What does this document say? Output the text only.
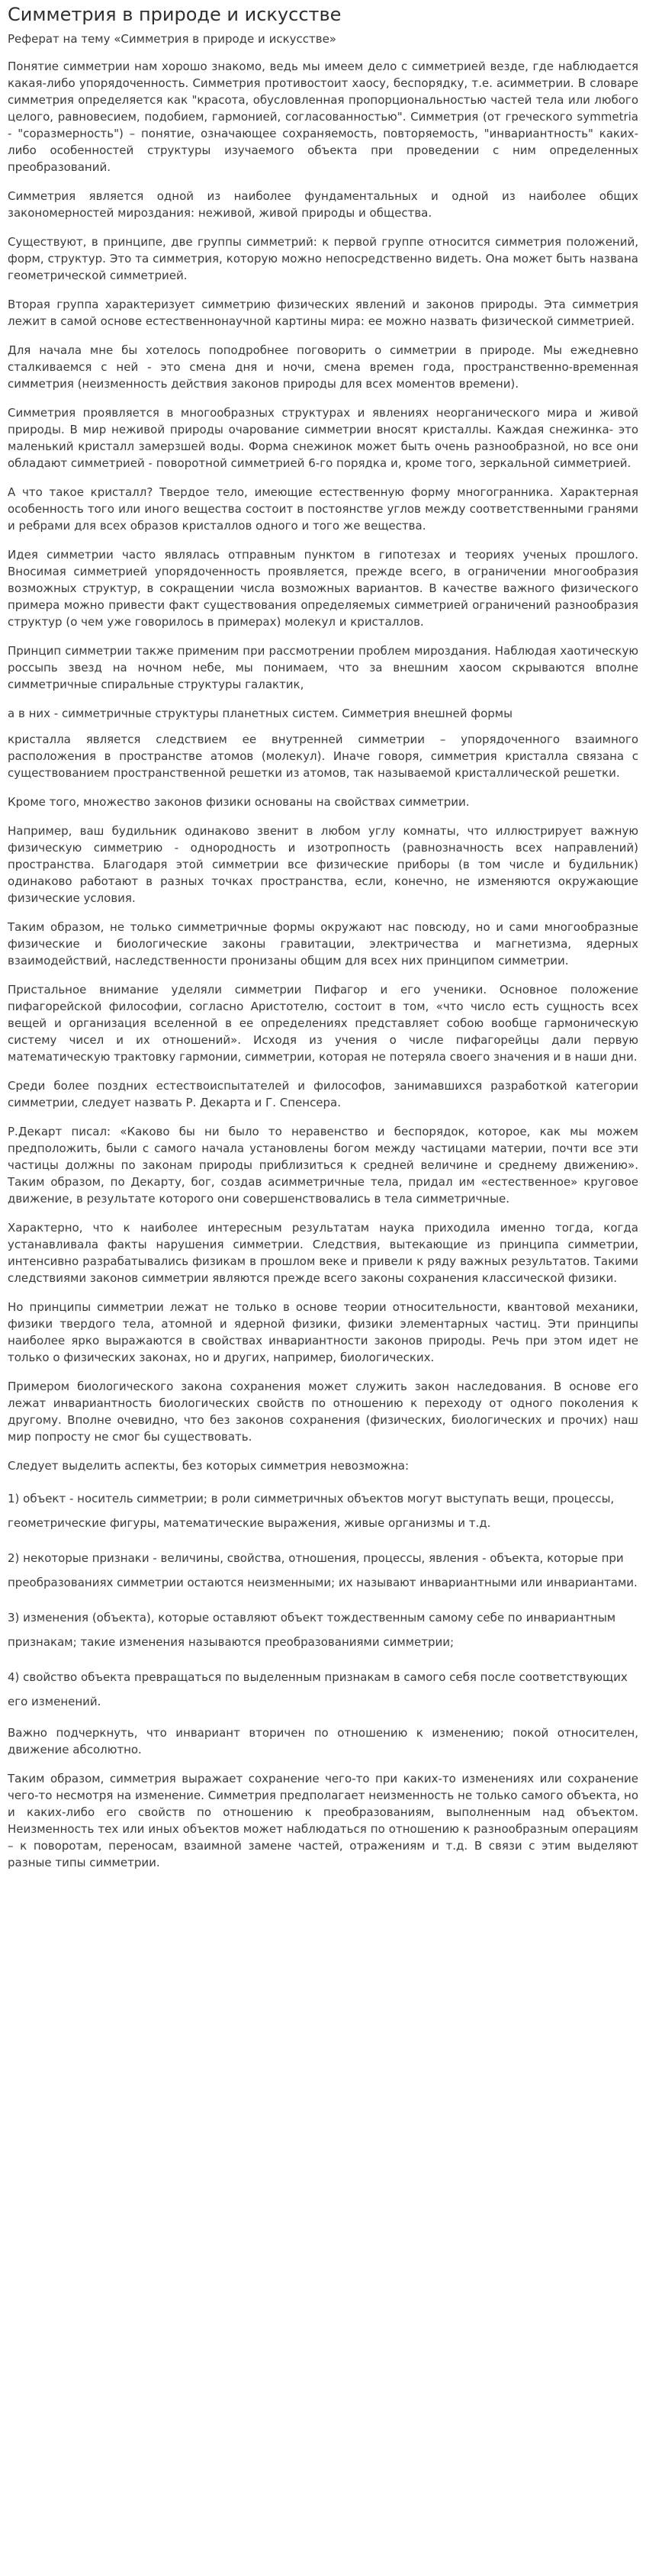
Симметрия в природе и искусстве
Реферат на тему «Симметрия в природе и искусстве»

Понятие симметрии нам хорошо знакомо, ведь мы имеем дело с симметрией везде, где наблюдается какая-либо упорядоченность. Симметрия противостоит хаосу, беспорядку, т.е. асимметрии. В словаре симметрия определяется как "красота, обусловленная пропорциональностью частей тела или любого целого, равновесием, подобием, гармонией, согласованностью". Симметрия (от греческого symmetria - "соразмерность") – понятие, означающее сохраняемость, повторяемость, "инвариантность" каких-либо особенностей структуры изучаемого объекта при проведении с ним определенных преобразований.

Симметрия является одной из наиболее фундаментальных и одной из наиболее общих закономерностей мироздания: неживой, живой природы и общества.

Существуют, в принципе, две группы симметрий: к первой группе относится симметрия положений, форм, структур. Это та симметрия, которую можно непосредственно видеть. Она может быть названа геометрической симметрией.

Вторая группа характеризует симметрию физических явлений и законов природы. Эта симметрия лежит в самой основе естественнонаучной картины мира: ее можно назвать физической симметрией.

Для начала мне бы хотелось поподробнее поговорить о симметрии в природе. Мы ежедневно сталкиваемся с ней - это смена дня и ночи, смена времен года, пространственно-временная симметрия (неизменность действия законов природы для всех моментов времени).

Симметрия проявляется в многообразных структурах и явлениях неорганического мира и живой природы. В мир неживой природы очарование симметрии вносят кристаллы. Каждая снежинка- это маленький кристалл замерзшей воды. Форма снежинок может быть очень разнообразной, но все они обладают симметрией - поворотной симметрией 6-го порядка и, кроме того, зеркальной симметрией.

А что такое кристалл? Твердое тело, имеющие естественную форму многогранника. Характерная особенность того или иного вещества состоит в постоянстве углов между соответственными гранями и ребрами для всех образов кристаллов одного и того же вещества.

Идея симметрии часто являлась отправным пунктом в гипотезах и теориях ученых прошлого. Вносимая симметрией упорядоченность проявляется, прежде всего, в ограничении многообразия возможных структур, в сокращении числа возможных вариантов. В качестве важного физического примера можно привести факт существования определяемых симметрией ограничений разнообразия структур (о чем уже говорилось в примерах) молекул и кристаллов.

Принцип симметрии также применим при рассмотрении проблем мироздания. Наблюдая хаотическую россыпь звезд на ночном небе, мы понимаем, что за внешним хаосом скрываются вполне симметричные спиральные структуры галактик,

а в них - симметричные структуры планетных систем. Симметрия внешней формы

кристалла является следствием ее внутренней симметрии – упорядоченного взаимного расположения в пространстве атомов (молекул). Иначе говоря, симметрия кристалла связана с существованием пространственной решетки из атомов, так называемой кристаллической решетки.

Кроме того, множество законов физики основаны на свойствах симметрии.

Например, ваш будильник одинаково звенит в любом углу комнаты, что иллюстрирует важную физическую симметрию - однородность и изотропность (равнозначность всех направлений) пространства. Благодаря этой симметрии все физические приборы (в том числе и будильник) одинаково работают в разных точках пространства, если, конечно, не изменяются окружающие физические условия.

Таким образом, не только симметричные формы окружают нас повсюду, но и сами многообразные физические и биологические законы гравитации, электричества и магнетизма, ядерных взаимодействий, наследственности пронизаны общим для всех них принципом симметрии.

Пристальное внимание уделяли симметрии Пифагор и его ученики. Основное положение пифагорейской философии, согласно Аристотелю, состоит в том, «что число есть сущность всех вещей и организация вселенной в ее определениях представляет собою вообще гармоническую систему чисел и их отношений». Исходя из учения о числе пифагорейцы дали первую математическую трактовку гармонии, симметрии, которая не потеряла своего значения и в наши дни.

Среди более поздних естествоиспытателей и философов, занимавшихся разработкой категории симметрии, следует назвать Р. Декарта и Г. Спенсера.

Р.Декарт писал: «Каково бы ни было то неравенство и беспорядок, которое, как мы можем предположить, были с самого начала установлены богом между частицами материи, почти все эти частицы должны по законам природы приблизиться к средней величине и среднему движению». Таким образом, по Декарту, бог, создав асимметричные тела, придал им «естественное» круговое движение, в результате которого они совершенствовались в тела симметричные.

Характерно, что к наиболее интересным результатам наука приходила именно тогда, когда устанавливала факты нарушения симметрии. Следствия, вытекающие из принципа симметрии, интенсивно разрабатывались физикам в прошлом веке и привели к ряду важных результатов. Такими следствиями законов симметрии являются прежде всего законы сохранения классической физики.

Но принципы симметрии лежат не только в основе теории относительности, квантовой механики, физики твердого тела, атомной и ядерной физики, физики элементарных частиц. Эти принципы наиболее ярко выражаются в свойствах инвариантности законов природы. Речь при этом идет не только о физических законах, но и других, например, биологических.

Примером биологического закона сохранения может служить закон наследования. В основе его лежат инвариантность биологических свойств по отношению к переходу от одного поколения к другому. Вполне очевидно, что без законов сохранения (физических, биологических и прочих) наш мир попросту не смог бы существовать.

Следует выделить аспекты, без которых симметрия невозможна:

1) объект - носитель симметрии; в роли симметричных объектов могут выступать вещи, процессы, геометрические фигуры, математические выражения, живые организмы и т.д.

2) некоторые признаки - величины, свойства, отношения, процессы, явления - объекта, которые при преобразованиях симметрии остаются неизменными; их называют инвариантными или инвариантами.

3) изменения (объекта), которые оставляют объект тождественным самому себе по инвариантным признакам; такие изменения называются преобразованиями симметрии;

4) свойство объекта превращаться по выделенным признакам в самого себя после соответствующих его изменений.

Важно подчеркнуть, что инвариант вторичен по отношению к изменению; покой относителен, движение абсолютно.

Таким образом, симметрия выражает сохранение чего-то при каких-то изменениях или сохранение чего-то несмотря на изменение. Симметрия предполагает неизменность не только самого объекта, но и каких-либо его свойств по отношению к преобразованиям, выполненным над объектом. Неизменность тех или иных объектов может наблюдаться по отношению к разнообразным операциям – к поворотам, переносам, взаимной замене частей, отражениям и т.д. В связи с этим выделяют разные типы симметрии.
